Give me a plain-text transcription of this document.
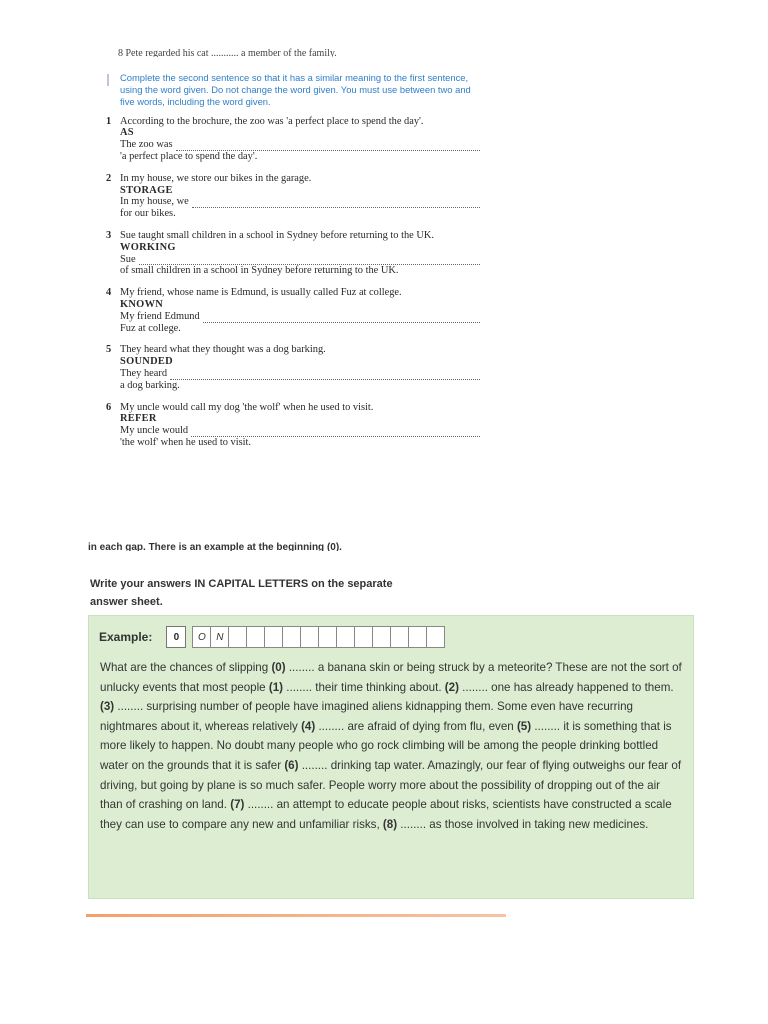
8 Pete regarded his cat ........... a member of the family.

Complete the second sentence so that it has a similar meaning to the first sentence, using the word given. Do not change the word given. You must use between two and five words, including the word given.

1 According to the brochure, the zoo was 'a perfect place to spend the day'.
AS
The zoo was
'a perfect place to spend the day'.
2 In my house, we store our bikes in the garage.
STORAGE
In my house, we
for our bikes.
3 Sue taught small children in a school in Sydney before returning to the UK.
WORKING
Sue
of small children in a school in Sydney before returning to the UK.
4 My friend, whose name is Edmund, is usually called Fuz at college.
KNOWN
My friend Edmund
Fuz at college.
5 They heard what they thought was a dog barking.
SOUNDED
They heard
a dog barking.
6 My uncle would call my dog 'the wolf' when he used to visit.
REFER
My uncle would
'the wolf' when he used to visit.
in each gap. There is an example at the beginning (0).
Write your answers IN CAPITAL LETTERS on the separate answer sheet.
Example:	0	O	N
What are the chances of slipping (0) ........ a banana skin or being struck by a meteorite? These are not the sort of unlucky events that most people (1) ........ their time thinking about. (2) ........ one has already happened to them. (3) ........ surprising number of people have imagined aliens kidnapping them. Some even have recurring nightmares about it, whereas relatively (4) ........ are afraid of dying from flu, even (5) ........ it is something that is more likely to happen. No doubt many people who go rock climbing will be among the people drinking bottled water on the grounds that it is safer (6) ........ drinking tap water. Amazingly, our fear of flying outweighs our fear of driving, but going by plane is so much safer. People worry more about the possibility of dropping out of the air than of crashing on land. (7) ........ an attempt to educate people about risks, scientists have constructed a scale they can use to compare any new and unfamiliar risks, (8) ........ as those involved in taking new medicines.
